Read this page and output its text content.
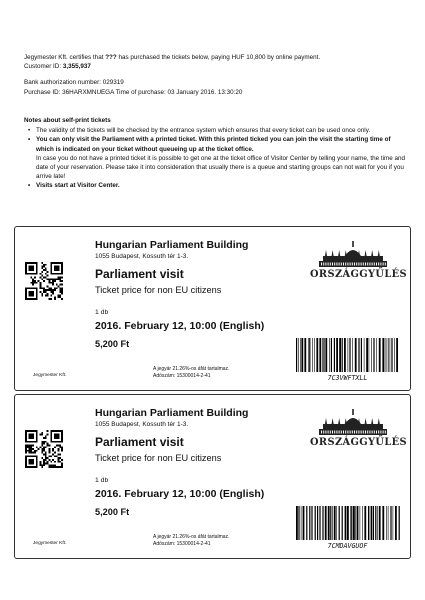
Jegymester Kft. certifies that ??? has purchased the tickets below, paying HUF 10,800 by online payment.

Customer ID: 3,355,937

Bank authorization number: 029319

Purchase ID: 36HARXMNUEGA Time of purchase: 03 January 2016. 13:30:20

Notes about self-print tickets

• The validity of the tickets will be checked by the entrance system which ensures that every ticket can be used once only.
• You can only visit the Parliament with a printed ticket. With this printed ticked you can join the visit the starting time of which is indicated on your ticket without queueing up at the ticket office.
In case you do not have a printed ticket it is possible to get one at the ticket office of Visitor Center by telling your name, the time and date of your reservation. Please take it into consideration that usually there is a queue and starting groups can not wait for you if you arrive late!
• Visits start at Visitor Center.
Hungarian Parliament Building
1055 Budapest, Kossuth tér 1-3.
Parliament visit
Ticket price for non EU citizens
1 db
2016. February 12, 10:00 (English)
5,200 Ft
Jegymester Kft.
A jegyár 21.26%-os áfát tartalmaz.
Adószám: 15300014-2-41
ORSZÁGGYŰLÉS
7C3VWFTXLL
Hungarian Parliament Building
1055 Budapest, Kossuth tér 1-3.
Parliament visit
Ticket price for non EU citizens
1 db
2016. February 12, 10:00 (English)
5,200 Ft
Jegymester Kft.
A jegyár 21.26%-os áfát tartalmaz.
Adószám: 15300014-2-41
ORSZÁGGYŰLÉS
7CMDAVGUOF
